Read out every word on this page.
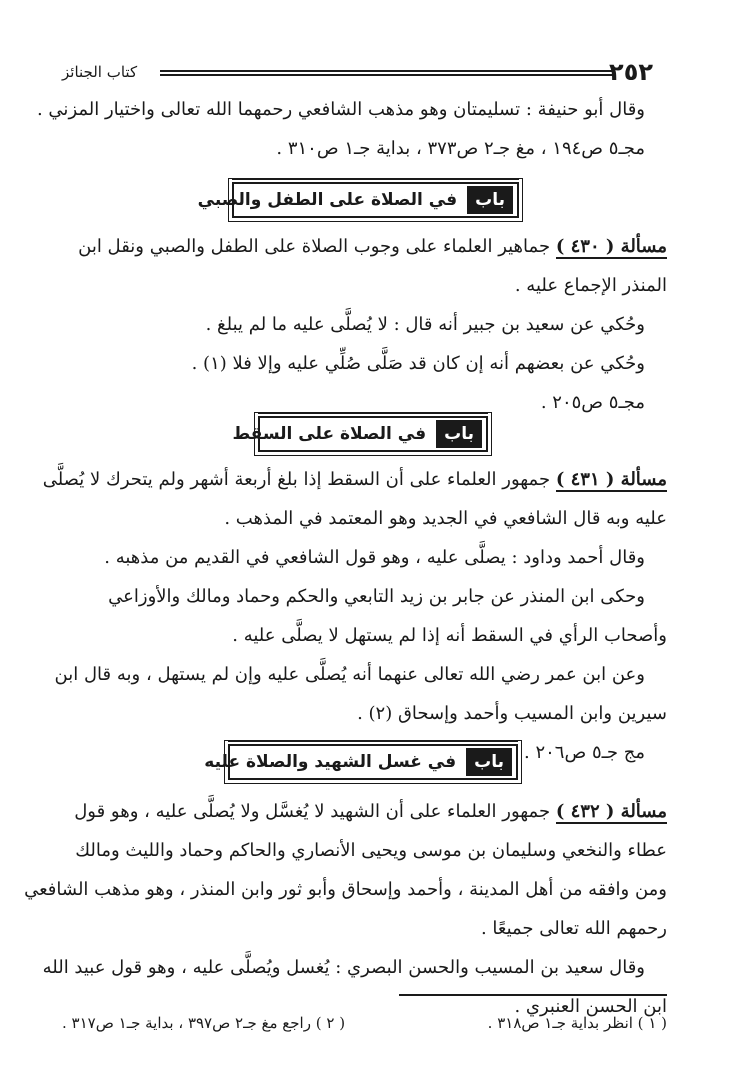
٢٥٢
كتاب الجنائز
وقال أبو حنيفة : تسليمتان وهو مذهب الشافعي رحمهما الله تعالى واختيار المزني .
مجـ٥ ص١٩٤ ، مغ جـ٢ ص٣٧٣ ، بداية جـ١ ص٣١٠ .
باب
في الصلاة على الطفل والصبي
مسألة ( ٤٣٠ ) جماهير العلماء على وجوب الصلاة على الطفل والصبي ونقل ابن
المنذر الإجماع عليه .
وحُكي عن سعيد بن جبير أنه قال : لا يُصلَّى عليه ما لم يبلغ .
وحُكي عن بعضهم أنه إن كان قد صَلَّى صُلِّي عليه وإلا فلا (١) .
مجـ٥ ص٢٠٥ .
باب
في الصلاة على السقط
مسألة ( ٤٣١ ) جمهور العلماء على أن السقط إذا بلغ أربعة أشهر ولم يتحرك لا يُصلَّى
عليه وبه قال الشافعي في الجديد وهو المعتمد في المذهب .
وقال أحمد وداود : يصلَّى عليه ، وهو قول الشافعي في القديم من مذهبه .
وحكى ابن المنذر عن جابر بن زيد التابعي والحكم وحماد ومالك والأوزاعي
وأصحاب الرأي في السقط أنه إذا لم يستهل لا يصلَّى عليه .
وعن ابن عمر رضي الله تعالى عنهما أنه يُصلَّى عليه وإن لم يستهل ، وبه قال ابن
سيرين وابن المسيب وأحمد وإسحاق (٢) .
مج جـ٥ ص٢٠٦ .
باب
في غسل الشهيد والصلاة عليه
مسألة ( ٤٣٢ ) جمهور العلماء على أن الشهيد لا يُغسَّل ولا يُصلَّى عليه ، وهو قول
عطاء والنخعي وسليمان بن موسى ويحيى الأنصاري والحاكم وحماد والليث ومالك
ومن وافقه من أهل المدينة ، وأحمد وإسحاق وأبو ثور وابن المنذر ، وهو مذهب الشافعي
رحمهم الله تعالى جميعًا .
وقال سعيد بن المسيب والحسن البصري : يُغسل ويُصلَّى عليه ، وهو قول عبيد الله
ابن الحسن العنبري .
( ١ ) انظر بداية جـ١ ص٣١٨ .
( ٢ ) راجع مغ جـ٢ ص٣٩٧ ، بداية جـ١ ص٣١٧ .
